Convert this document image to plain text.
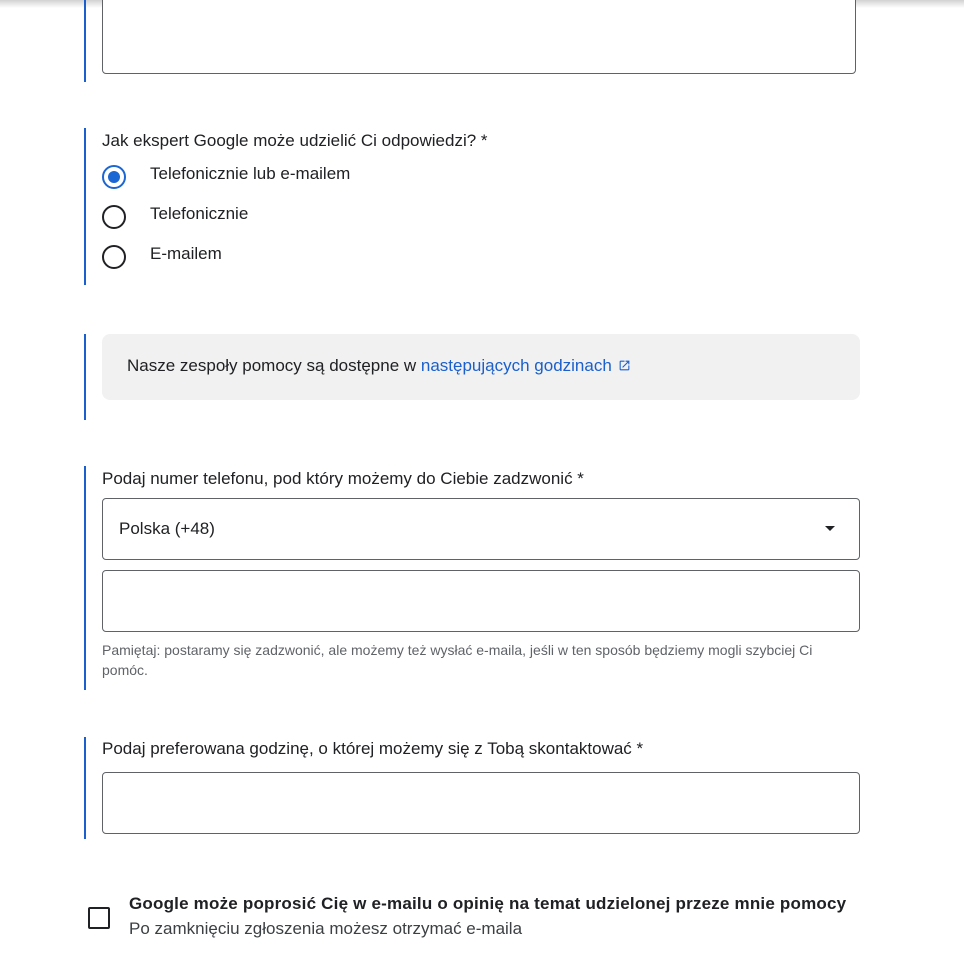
Jak ekspert Google może udzielić Ci odpowiedzi? *
Telefonicznie lub e-mailem
Telefonicznie
E-mailem
Nasze zespoły pomocy są dostępne w następujących godzinach
Podaj numer telefonu, pod który możemy do Ciebie zadzwonić *
Polska (+48)
Pamiętaj: postaramy się zadzwonić, ale możemy też wysłać e-maila, jeśli w ten sposób będziemy mogli szybciej Ci pomóc.
Podaj preferowana godzinę, o której możemy się z Tobą skontaktować *
Google może poprosić Cię w e-mailu o opinię na temat udzielonej przeze mnie pomocy
Po zamknięciu zgłoszenia możesz otrzymać e-maila
